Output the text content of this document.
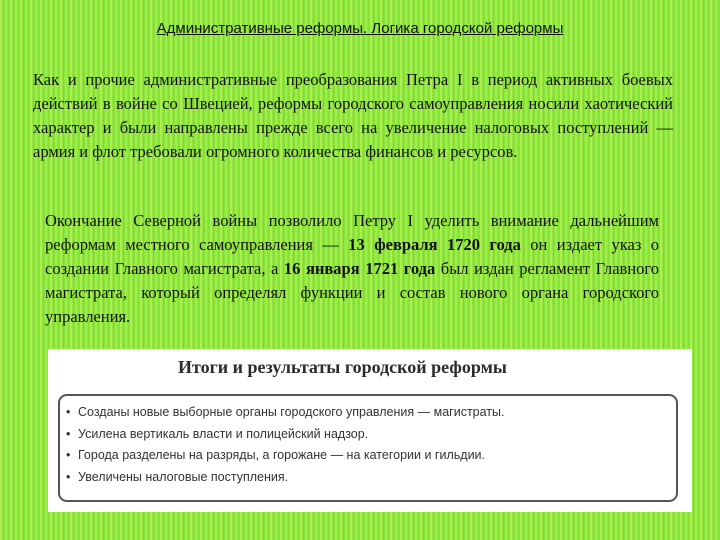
Административные реформы. Логика городской реформы

Как и прочие административные преобразования Петра I в период активных боевых действий в войне со Швецией, реформы городского самоуправления носили хаотический характер и были направлены прежде всего на увеличение налоговых поступлений — армия и флот требовали огромного количества финансов и ресурсов.

Окончание Северной войны позволило Петру I уделить внимание дальнейшим реформам местного самоуправления — 13 февраля 1720 года он издает указ о создании Главного магистрата, а 16 января 1721 года был издан регламент Главного магистрата, который определял функции и состав нового органа городского управления.

Итоги и результаты городской реформы
• Созданы новые выборные органы городского управления — магистраты.
• Усилена вертикаль власти и полицейский надзор.
• Города разделены на разряды, а горожане — на категории и гильдии.
• Увеличены налоговые поступления.
